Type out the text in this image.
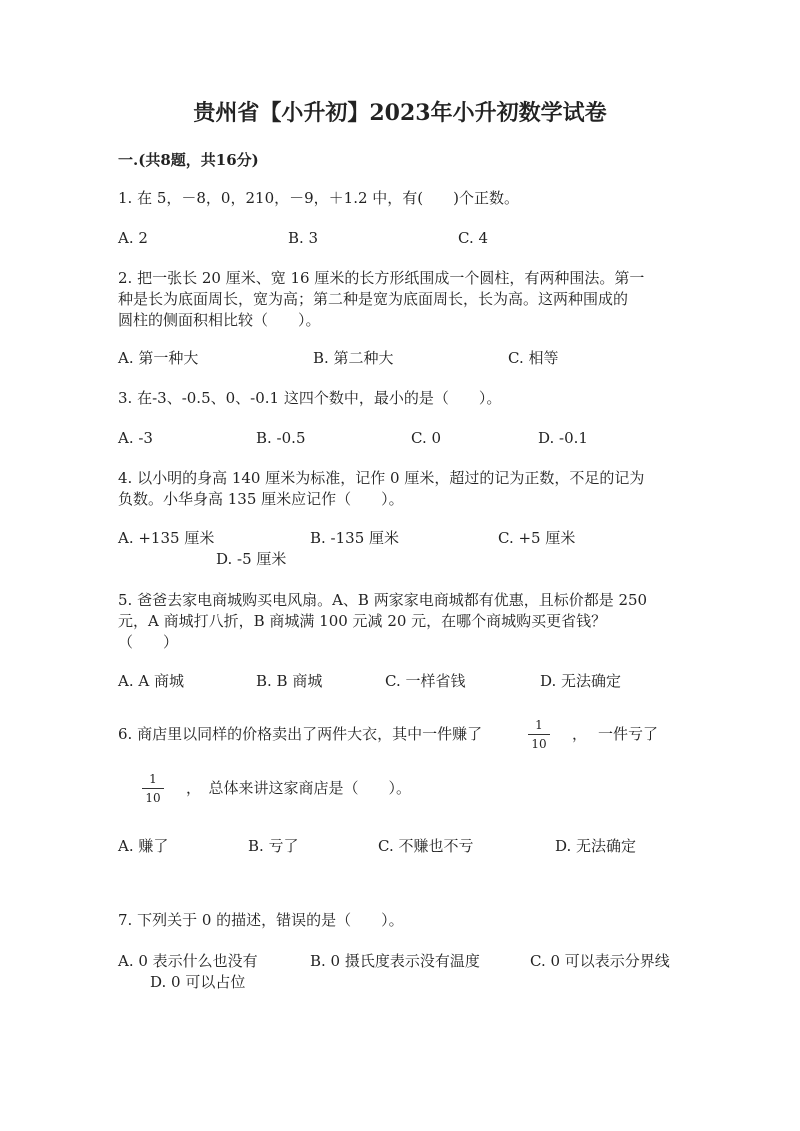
贵州省【小升初】2023年小升初数学试卷
一.(共8题，共16分)
1. 在 5，－8，0，210，－9，＋1.2 中，有(　　)个正数。
A. 2	B. 3	C. 4
2. 把一张长 20 厘米、宽 16 厘米的长方形纸围成一个圆柱，有两种围法。第一
种是长为底面周长，宽为高；第二种是宽为底面周长，长为高。这两种围成的
圆柱的侧面积相比较（　　）。
A. 第一种大	B. 第二种大	C. 相等
3. 在-3、-0.5、0、-0.1 这四个数中，最小的是（　　）。
A. -3	B. -0.5	C. 0	D. -0.1
4. 以小明的身高 140 厘米为标准，记作 0 厘米，超过的记为正数，不足的记为
负数。小华身高 135 厘米应记作（　　）。
A. +135 厘米	B. -135 厘米	C. +5 厘米
D. -5 厘米
5. 爸爸去家电商城购买电风扇。A、B 两家家电商城都有优惠，且标价都是 250
元，A 商城打八折，B 商城满 100 元减 20 元，在哪个商城购买更省钱？
（　　）
A. A 商城	B. B 商城	C. 一样省钱	D. 无法确定
6. 商店里以同样的价格卖出了两件大衣，其中一件赚了	1
10
， 一件亏了
1
10
，　总体来讲这家商店是（　　）。
A. 赚了	B. 亏了	C. 不赚也不亏	D. 无法确定
7. 下列关于 0 的描述，错误的是（　　）。
A. 0 表示什么也没有	B. 0 摄氏度表示没有温度	C. 0 可以表示分界线
D. 0 可以占位
